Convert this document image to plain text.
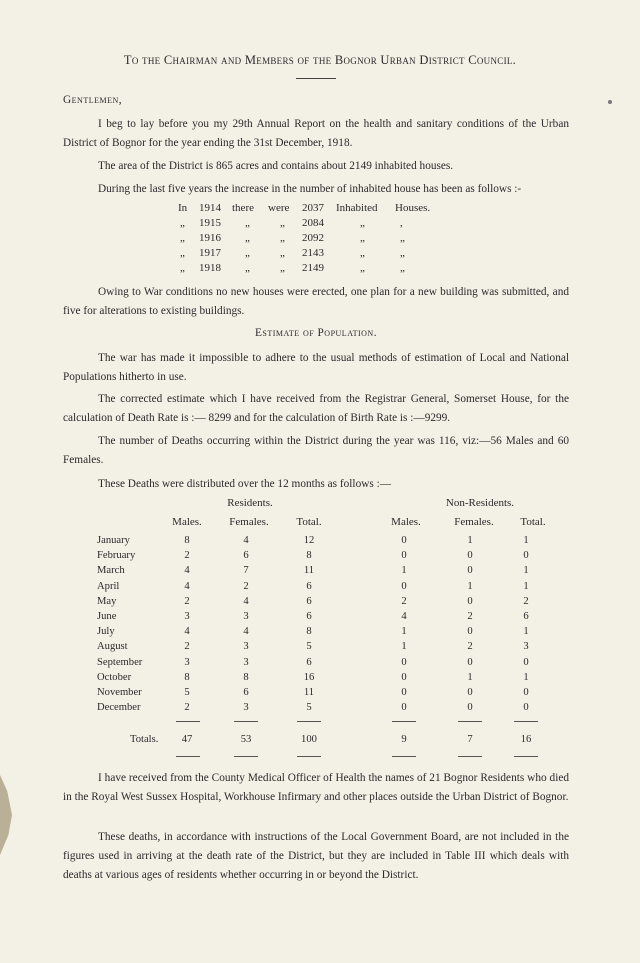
To the Chairman and Members of the Bognor Urban District Council.
Gentlemen,
I beg to lay before you my 29th Annual Report on the health and sanitary conditions of the Urban District of Bognor for the year ending the 31st December, 1918.
The area of the District is 865 acres and contains about 2149 inhabited houses.
During the last five years the increase in the number of inhabited house has been as follows :-
In 1914 there were 2037 Inhabited Houses.
„ 1915 „	„ 2084	„	,
„ 1916 „	„ 2092	„	„
„ 1917 „	„ 2143	„	„
„ 1918 „	„ 2149	„	„
Owing to War conditions no new houses were erected, one plan for a new building was submitted, and five for alterations to existing buildings.
Estimate of Population.
The war has made it impossible to adhere to the usual methods of estimation of Local and National Populations hitherto in use.
The corrected estimate which I have received from the Registrar General, Somerset House, for the calculation of Death Rate is :— 8299 and for the calculation of Birth Rate is :—9299.
The number of Deaths occurring within the District during the year was 116, viz:—56 Males and 60 Females.
These Deaths were distributed over the 12 months as follows :—
Residents.	Non-Residents.
Males.	Females.	Total.	Males.	Females.	Total.
January	8	4	12	0	1	1
February	2	6	8	0	0	0
March	4	7	11	1	0	1
April	4	2	6	0	1	1
May	2	4	6	2	0	2
June	3	3	6	4	2	6
July	4	4	8	1	0	1
August	2	3	5	1	2	3
September	3	3	6	0	0	0
October	8	8	16	0	1	1
November	5	6	11	0	0	0
December	2	3	5	0	0	0
Totals.	47	53	100	9	7	16
I have received from the County Medical Officer of Health the names of 21 Bognor Residents who died in the Royal West Sussex Hospital, Workhouse Infirmary and other places outside the Urban District of Bognor.
These deaths, in accordance with instructions of the Local Government Board, are not included in the figures used in arriving at the death rate of the District, but they are included in Table III which deals with deaths at various ages of residents whether occurring in or beyond the District.
